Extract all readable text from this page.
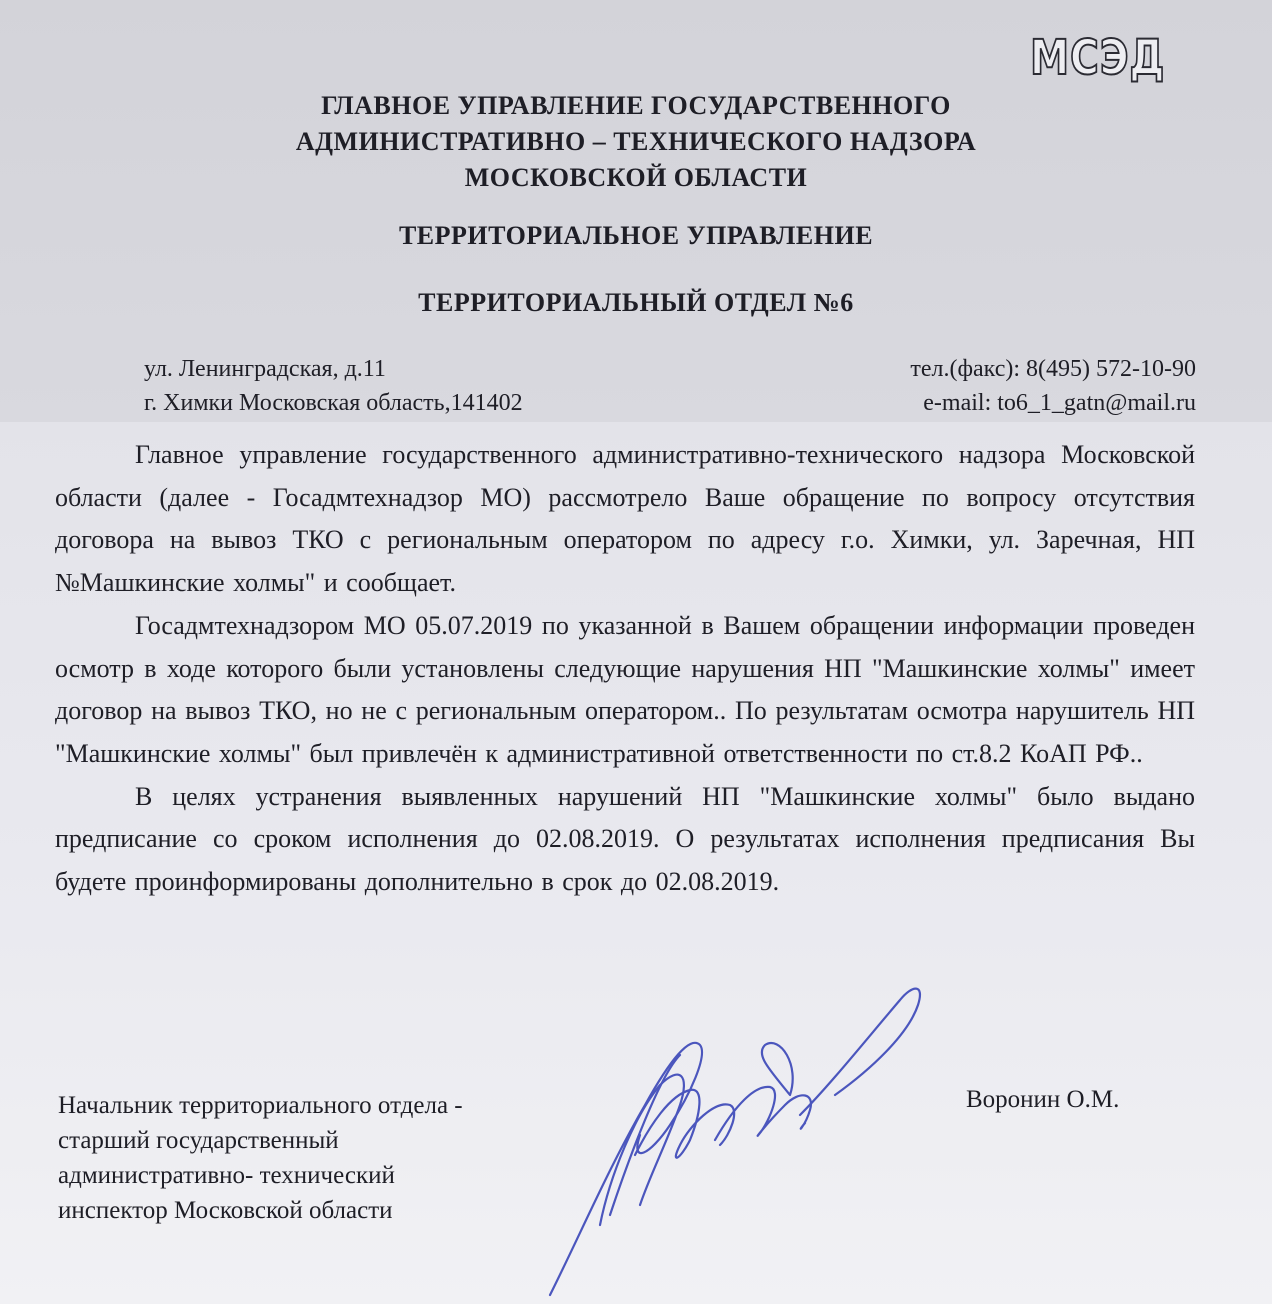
МСЭД
ГЛАВНОЕ УПРАВЛЕНИЕ ГОСУДАРСТВЕННОГО
АДМИНИСТРАТИВНО – ТЕХНИЧЕСКОГО НАДЗОРА
МОСКОВСКОЙ ОБЛАСТИ
ТЕРРИТОРИАЛЬНОЕ УПРАВЛЕНИЕ
ТЕРРИТОРИАЛЬНЫЙ ОТДЕЛ №6
ул. Ленинградская, д.11
г. Химки Московская область,141402
тел.(факс): 8(495) 572-10-90
e-mail: to6_1_gatn@mail.ru

Главное управление государственного административно-технического надзора Московской области (далее - Госадмтехнадзор МО) рассмотрело Ваше обращение по вопросу отсутствия договора на вывоз ТКО с региональным оператором по адресу г.о. Химки, ул. Заречная, НП №Машкинские холмы" и сообщает.

Госадмтехнадзором МО 05.07.2019 по указанной в Вашем обращении информации проведен осмотр в ходе которого были установлены следующие нарушения НП "Машкинские холмы" имеет договор на вывоз ТКО, но не с региональным оператором.. По результатам осмотра нарушитель НП "Машкинские холмы" был привлечён к административной ответственности по ст.8.2 КоАП РФ..

В целях устранения выявленных нарушений НП "Машкинские холмы" было выдано предписание со сроком исполнения до 02.08.2019. О результатах исполнения предписания Вы будете проинформированы дополнительно в срок до 02.08.2019.

Начальник территориального отдела -
старший государственный
административно- технический
инспектор Московской области
Воронин О.М.
